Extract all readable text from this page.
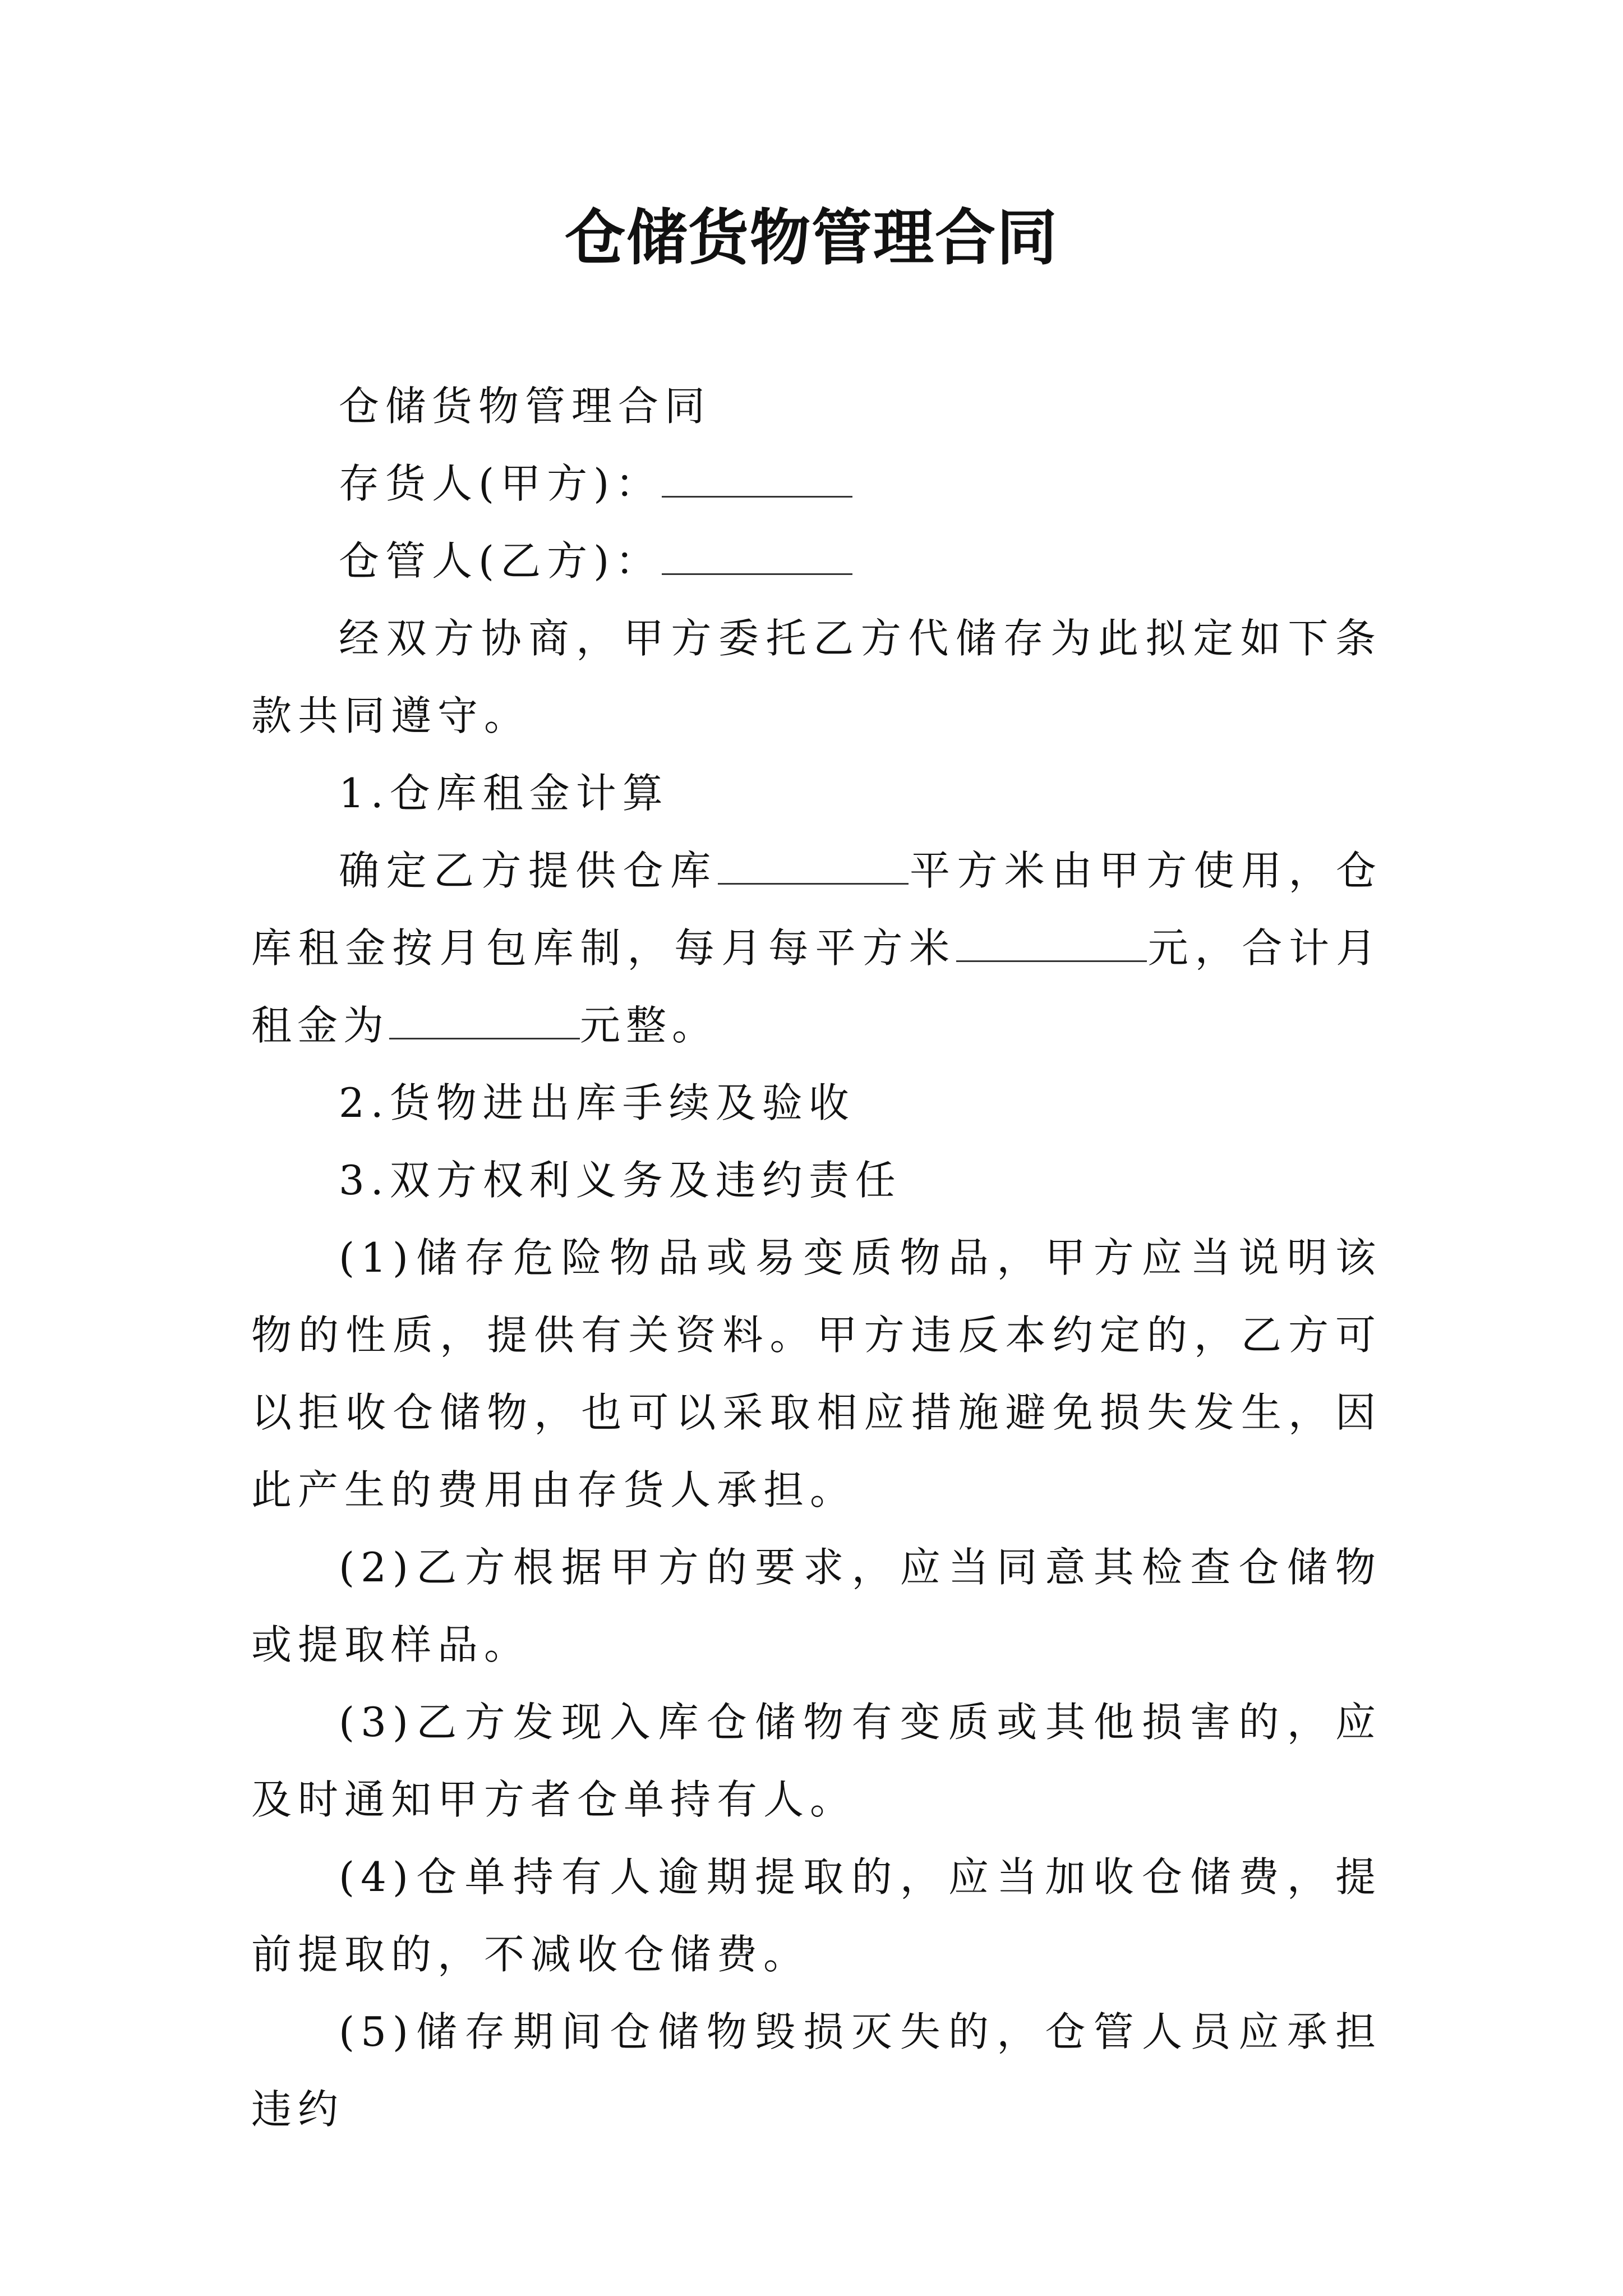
仓储货物管理合同

仓储货物管理合同

存货人(甲方)：

仓管人(乙方)：

经双方协商，甲方委托乙方代储存为此拟定如下条款共同遵守。

1.仓库租金计算

确定乙方提供仓库	平方米由甲方使用，仓库租金按月包库制，每月每平方米	元，合计月租金为	元整。

2.货物进出库手续及验收

3.双方权利义务及违约责任

(1)储存危险物品或易变质物品，甲方应当说明该物的性质，提供有关资料。甲方违反本约定的，乙方可以拒收仓储物，也可以采取相应措施避免损失发生，因此产生的费用由存货人承担。

(2)乙方根据甲方的要求，应当同意其检查仓储物或提取样品。

(3)乙方发现入库仓储物有变质或其他损害的，应及时通知甲方者仓单持有人。

(4)仓单持有人逾期提取的，应当加收仓储费，提前提取的，不减收仓储费。

(5)储存期间仓储物毁损灭失的，仓管人员应承担违约
